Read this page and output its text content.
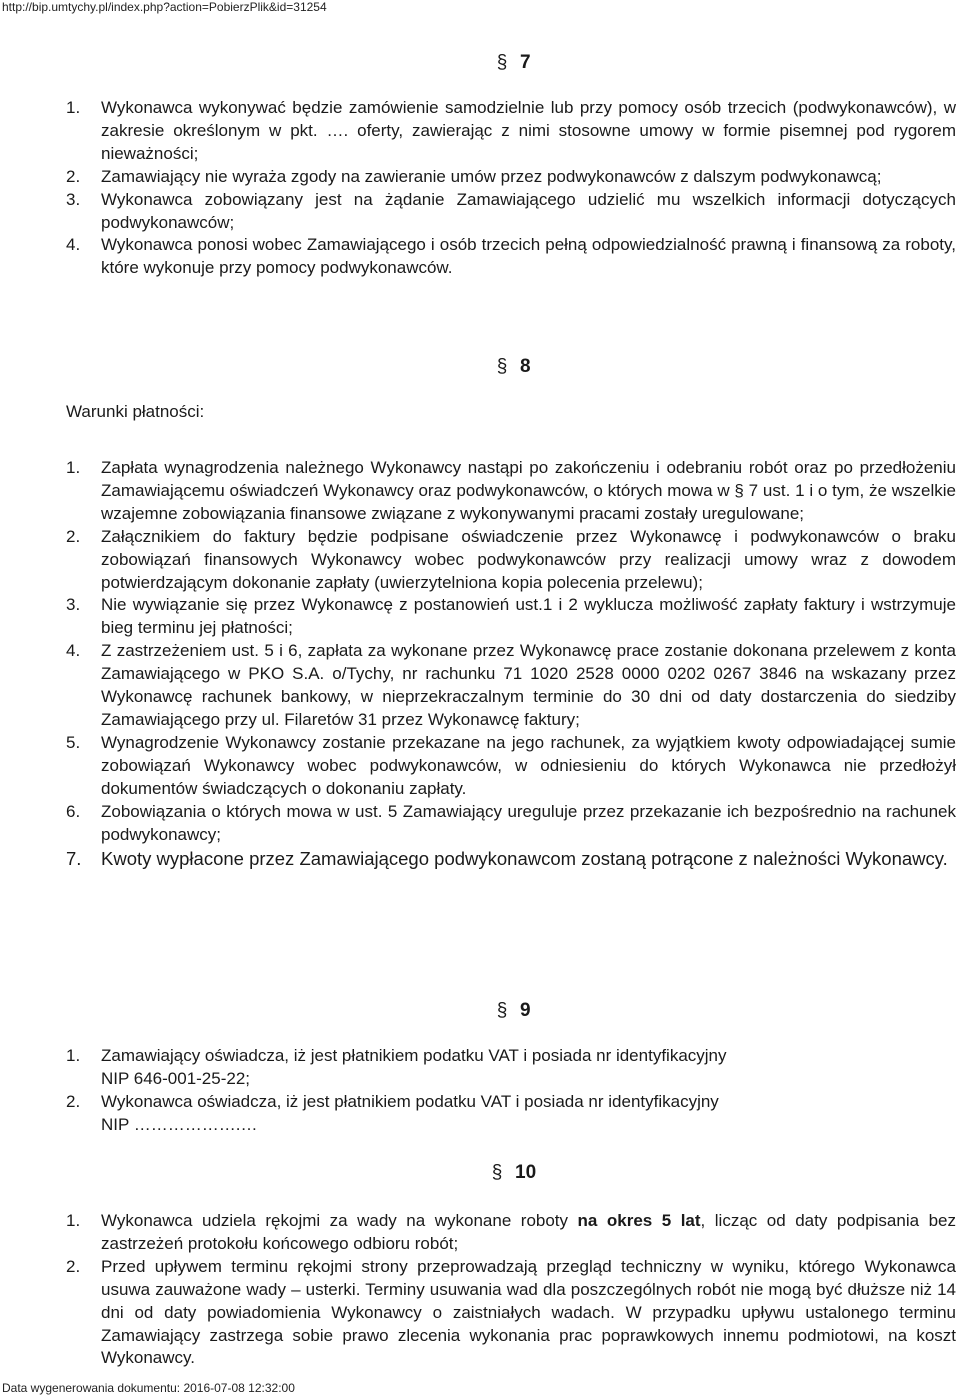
http://bip.umtychy.pl/index.php?action=PobierzPlik&id=31254
§ 7
1. Wykonawca wykonywać będzie zamówienie samodzielnie lub przy pomocy osób trzecich (podwykonawców), w zakresie określonym w pkt. …. oferty, zawierając z nimi stosowne umowy w formie pisemnej pod rygorem nieważności;
2. Zamawiający nie wyraża zgody na zawieranie umów przez podwykonawców z dalszym podwykonawcą;
3. Wykonawca zobowiązany jest na żądanie Zamawiającego udzielić mu wszelkich informacji dotyczących podwykonawców;
4. Wykonawca ponosi wobec Zamawiającego i osób trzecich pełną odpowiedzialność prawną i finansową za roboty, które wykonuje przy pomocy podwykonawców.
§ 8
Warunki płatności:
1. Zapłata wynagrodzenia należnego Wykonawcy nastąpi po zakończeniu i odebraniu robót oraz po przedłożeniu Zamawiającemu oświadczeń Wykonawcy oraz podwykonawców, o których mowa w § 7 ust. 1 i o tym, że wszelkie wzajemne zobowiązania finansowe związane z wykonywanymi pracami zostały uregulowane;
2. Załącznikiem do faktury będzie podpisane oświadczenie przez Wykonawcę i podwykonawców o braku zobowiązań finansowych Wykonawcy wobec podwykonawców przy realizacji umowy wraz z dowodem potwierdzającym dokonanie zapłaty (uwierzytelniona kopia polecenia przelewu);
3. Nie wywiązanie się przez Wykonawcę z postanowień ust.1 i 2 wyklucza możliwość zapłaty faktury i wstrzymuje bieg terminu jej płatności;
4. Z zastrzeżeniem ust. 5 i 6, zapłata za wykonane przez Wykonawcę prace zostanie dokonana przelewem z konta Zamawiającego w PKO S.A. o/Tychy, nr rachunku 71 1020 2528 0000 0202 0267 3846 na wskazany przez Wykonawcę rachunek bankowy, w nieprzekraczalnym terminie do 30 dni od daty dostarczenia do siedziby Zamawiającego przy ul. Filaretów 31 przez Wykonawcę faktury;
5. Wynagrodzenie Wykonawcy zostanie przekazane na jego rachunek, za wyjątkiem kwoty odpowiadającej sumie zobowiązań Wykonawcy wobec podwykonawców, w odniesieniu do których Wykonawca nie przedłożył dokumentów świadczących o dokonaniu zapłaty.
6. Zobowiązania o których mowa w ust. 5 Zamawiający ureguluje przez przekazanie ich bezpośrednio na rachunek podwykonawcy;
7. Kwoty wypłacone przez Zamawiającego podwykonawcom zostaną potrącone z należności Wykonawcy.
§ 9
1. Zamawiający oświadcza, iż jest płatnikiem podatku VAT i posiada nr identyfikacyjny
NIP 646-001-25-22;
2. Wykonawca oświadcza, iż jest płatnikiem podatku VAT i posiada nr identyfikacyjny
NIP ……………….…
§ 10
1. Wykonawca udziela rękojmi za wady na wykonane roboty na okres 5 lat, licząc od daty podpisania bez zastrzeżeń protokołu końcowego odbioru robót;
2. Przed upływem terminu rękojmi strony przeprowadzają przegląd techniczny w wyniku, którego Wykonawca usuwa zauważone wady – usterki. Terminy usuwania wad dla poszczególnych robót nie mogą być dłuższe niż 14 dni od daty powiadomienia Wykonawcy o zaistniałych wadach. W przypadku upływu ustalonego terminu Zamawiający zastrzega sobie prawo zlecenia wykonania prac poprawkowych innemu podmiotowi, na koszt Wykonawcy.
Data wygenerowania dokumentu: 2016-07-08 12:32:00
